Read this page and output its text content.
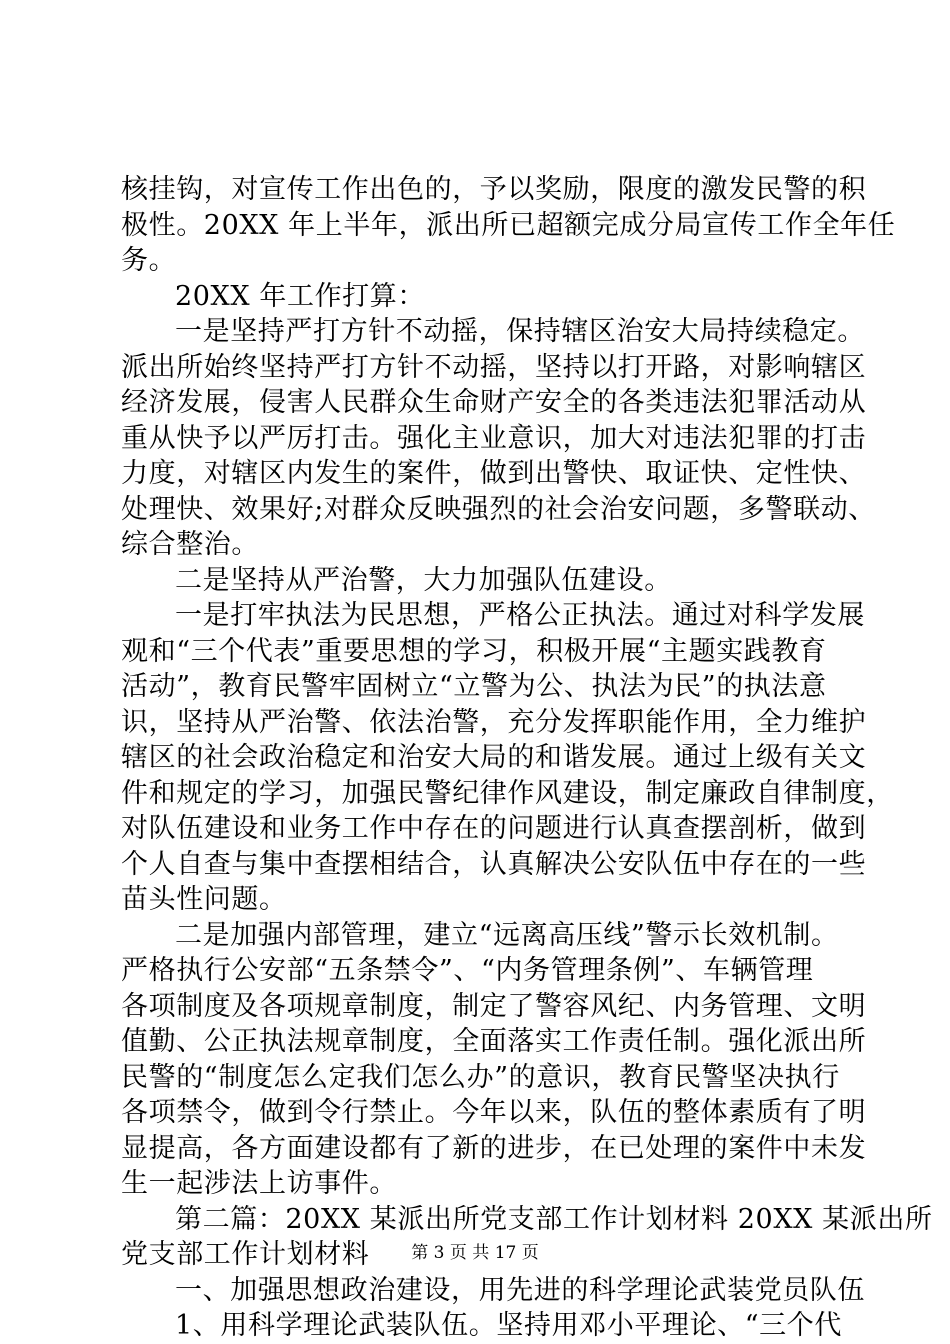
核挂钩，对宣传工作出色的，予以奖励，限度的激发民警的积
极性。20XX 年上半年，派出所已超额完成分局宣传工作全年任
务。
20XX 年工作打算：
一是坚持严打方针不动摇，保持辖区治安大局持续稳定。
派出所始终坚持严打方针不动摇，坚持以打开路，对影响辖区
经济发展，侵害人民群众生命财产安全的各类违法犯罪活动从
重从快予以严厉打击。强化主业意识，加大对违法犯罪的打击
力度，对辖区内发生的案件，做到出警快、取证快、定性快、
处理快、效果好;对群众反映强烈的社会治安问题，多警联动、
综合整治。
二是坚持从严治警，大力加强队伍建设。
一是打牢执法为民思想，严格公正执法。通过对科学发展
观和“三个代表”重要思想的学习，积极开展“主题实践教育
活动”，教育民警牢固树立“立警为公、执法为民”的执法意
识，坚持从严治警、依法治警，充分发挥职能作用，全力维护
辖区的社会政治稳定和治安大局的和谐发展。通过上级有关文
件和规定的学习，加强民警纪律作风建设，制定廉政自律制度，
对队伍建设和业务工作中存在的问题进行认真查摆剖析，做到
个人自查与集中查摆相结合，认真解决公安队伍中存在的一些
苗头性问题。
二是加强内部管理，建立“远离高压线”警示长效机制。
严格执行公安部“五条禁令”、“内务管理条例”、车辆管理
各项制度及各项规章制度，制定了警容风纪、内务管理、文明
值勤、公正执法规章制度，全面落实工作责任制。强化派出所
民警的“制度怎么定我们怎么办”的意识，教育民警坚决执行
各项禁令，做到令行禁止。今年以来，队伍的整体素质有了明
显提高，各方面建设都有了新的进步，在已处理的案件中未发
生一起涉法上访事件。
第二篇：20XX 某派出所党支部工作计划材料 20XX 某派出所
党支部工作计划材料
一、加强思想政治建设，用先进的科学理论武装党员队伍
1、用科学理论武装队伍。坚持用邓小平理论、“三个代
第 3 页 共 17 页
